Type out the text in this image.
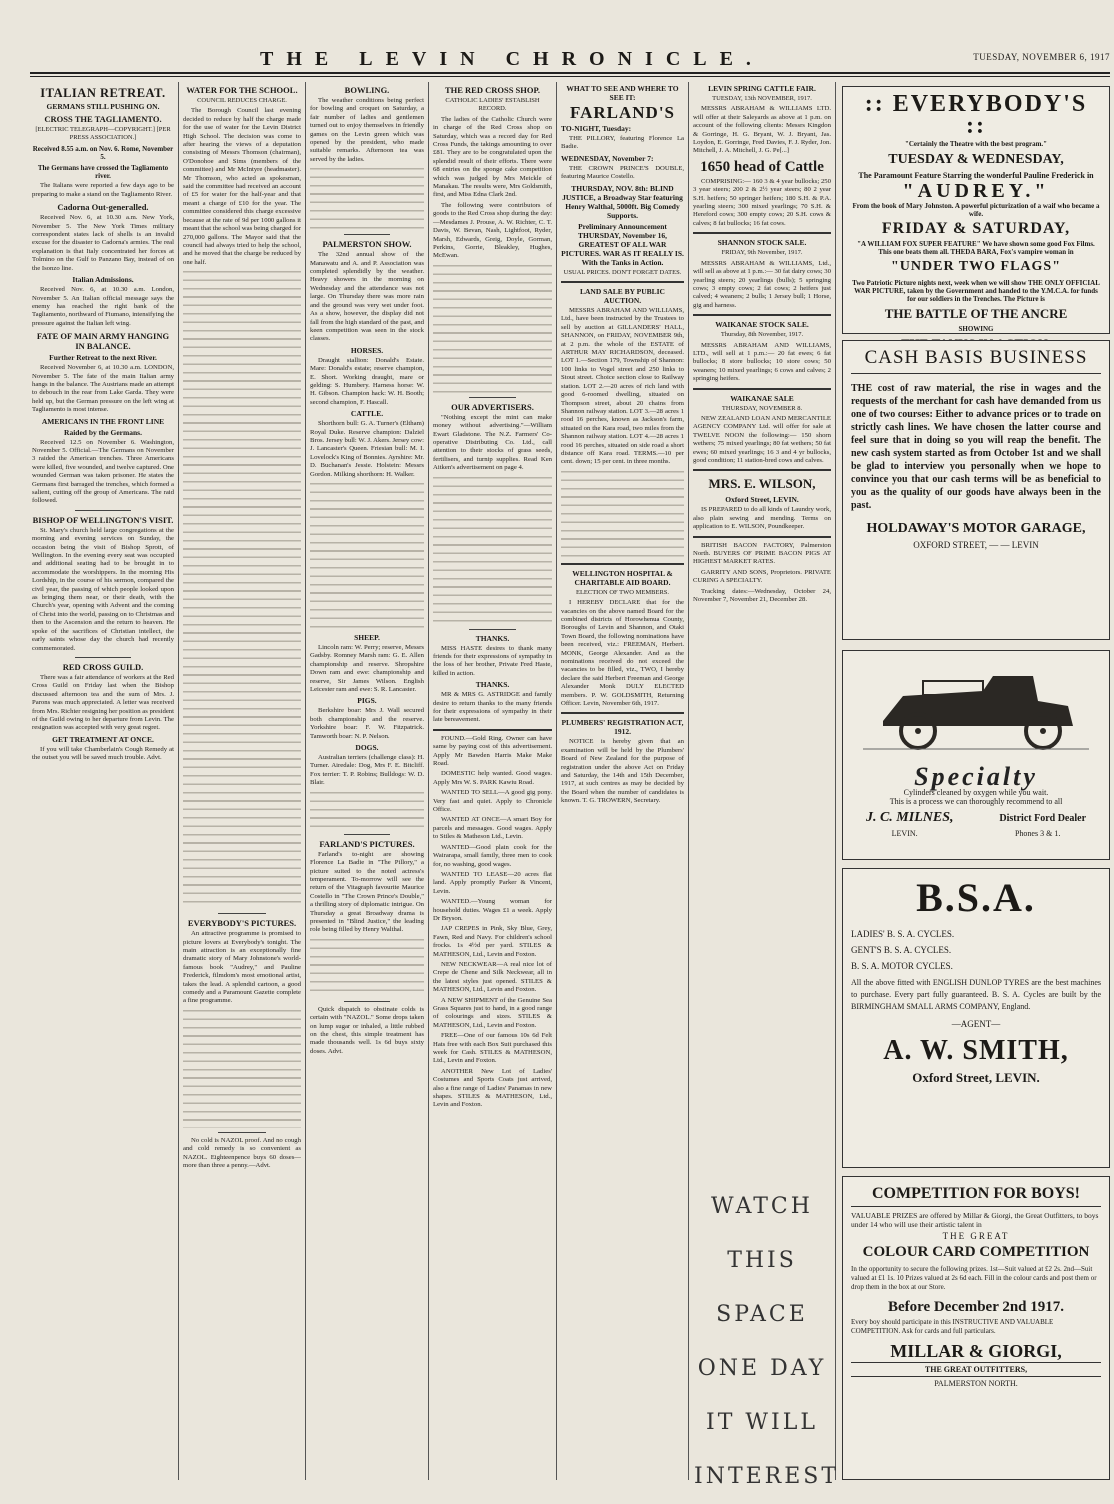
THE LEVIN CHRONICLE.	TUESDAY, NOVEMBER 6, 1917
ITALIAN RETREAT.
GERMANS STILL PUSHING ON.
CROSS THE TAGLIAMENTO.
[ELECTRIC TELEGRAPH—COPYRIGHT.] [PER PRESS ASSOCIATION.]
Received 8.55 a.m. on Nov. 6. Rome, November 5.
The Germans have crossed the Tagliamento river.

The Italians were reported a few days ago to be preparing to make a stand on the Tagliamento River.

Cadorna Out-generalled.

Received Nov. 6, at 10.30 a.m. New York, November 5. The New York Times military correspondent states lack of shells is an invalid excuse for the disaster to Cadorna's armies. The real explanation is that Italy concentrated her forces at Tolmino on the Gulf to Panzano Bay, instead of on the Isonzo line.

Italian Admissions.

Received Nov. 6, at 10.30 a.m. London, November 5. An Italian official message says the enemy has reached the right bank of the Tagliamento, northward of Fiumano, intensifying the pressure against the Italian left wing.

FATE OF MAIN ARMY HANGING IN BALANCE.
Further Retreat to the next River.

Received November 6, at 10.30 a.m. LONDON, November 5. The fate of the main Italian army hangs in the balance. The Austrians made an attempt to debouch in the rear from Lake Garda. They were held up, but the German pressure on the left wing at Tagliamento is most intense.

AMERICANS IN THE FRONT LINE
Raided by the Germans.

Received 12.5 on November 6. Washington, November 5. Official.—The Germans on November 3 raided the American trenches. Three Americans were killed, five wounded, and twelve captured. One wounded German was taken prisoner. He states the Germans first barraged the trenches, which formed a salient, cutting off the group of Americans. The raid followed.

BISHOP OF WELLINGTON'S VISIT.

St. Mary's church held large congregations at the morning and evening services on Sunday, the occasion being the visit of Bishop Sprott, of Wellington. In the evening every seat was occupied and additional seating had to be brought in to accommodate the worshippers. In the morning His Lordship, in the course of his sermon, compared the civil year, the passing of which people looked upon as bringing them near, or their death, with the Church's year, opening with Advent and the coming of Christ into the world, passing on to Christmas and then to the Ascension and the return to heaven. He spoke of the sacrifices of Christian intellect, the early saints whose day the church had recently commemorated.

RED CROSS GUILD.

There was a fair attendance of workers at the Red Cross Guild on Friday last when the Bishop discussed afternoon tea and the sum of Mrs. J. Parons was much appreciated. A letter was received from Mrs. Richter resigning her position as president of the Guild owing to her departure from Levin. The resignation was accepted with very great regret.

GET TREATMENT AT ONCE.

If you will take Chamberlain's Cough Remedy at the outset you will be saved much trouble. Advt.

WATER FOR THE SCHOOL.
COUNCIL REDUCES CHARGE.

The Borough Council last evening decided to reduce by half the charge made for the use of water for the Levin District High School. The decision was come to after hearing the views of a deputation consisting of Messrs Thomson (chairman), O'Donohoe and Sims (members of the committee) and Mr McIntyre (headmaster). Mr Thomson, who acted as spokesman, said the committee had received an account of £5 for water for the half-year and that meant a charge of £10 for the year. The committee considered this charge excessive because at the rate of 9d per 1000 gallons it meant that the school was being charged for 270,000 gallons. The Mayor said that the council had always tried to help the school, and he moved that the charge be reduced by one half.

EVERYBODY'S PICTURES.

An attractive programme is promised to picture lovers at Everybody's tonight. The main attraction is an exceptionally fine dramatic story of Mary Johnstone's world-famous book "Audrey," and Pauline Frederick, filmdom's most emotional artist, takes the lead. A splendid cartoon, a good comedy and a Paramount Gazette complete a fine programme.

No cold is NAZOL proof. And no cough and cold remedy is so convenient as NAZOL. Eighteenpence buys 60 doses—more than three a penny.—Advt.

BOWLING.

The weather conditions being perfect for bowling and croquet on Saturday, a fair number of ladies and gentlemen turned out to enjoy themselves in friendly games on the Levin green which was opened by the president, who made suitable remarks. Afternoon tea was served by the ladies.

PALMERSTON SHOW.

The 32nd annual show of the Manawatu and A. and P. Association was completed splendidly by the weather. Heavy showers in the morning on Wednesday and the attendance was not large. On Thursday there was more rain and the ground was very wet under foot. As a show, however, the display did not fall from the high standard of the past, and keen competition was seen in the stock classes.

HORSES.

Draught stallion: Donald's Estate. Mare: Donald's estate; reserve champion, E. Short. Working draught, mare or gelding: S. Humbery. Harness horse: W. H. Gibson. Champion hack: W. H. Booth; second champion, F. Hascall.

CATTLE.

Shorthorn bull: G. A. Turner's (Eltham) Royal Duke. Reserve champion: Dalziel Bros. Jersey bull: W. J. Akers. Jersey cow: J. Lancaster's Queen. Friesian bull: M. I. Lovelock's King of Bonnies. Ayrshire: Mr. D. Buchanan's Jessie. Holstein: Messrs Gordon. Milking shorthorn: H. Walker.

SHEEP.

Lincoln ram: W. Perry; reserve, Messrs Gadsby. Romney Marsh ram: G. E. Allen championship and reserve. Shropshire Down ram and ewe: championship and reserve, Sir James Wilson. English Leicester ram and ewe: S. R. Lancaster.

PIGS.

Berkshire boar: Mrs J. Wall secured both championship and the reserve. Yorkshire boar: F. W. Fitzpatrick. Tamworth boar: N. P. Nelson.

DOGS.

Australian terriers (challenge class): H. Turner. Airedale: Dog, Mrs F. E. Bitcliff. Fox terrier: T. P. Robins; Bulldogs: W. D. Blair.

FARLAND'S PICTURES.

Farland's to-night are showing Florence La Badie in "The Pillory," a picture suited to the noted actress's temperament. To-morrow will see the return of the Vitagraph favourite Maurice Costello in "The Crown Prince's Double," a thrilling story of diplomatic intrigue. On Thursday a great Broadway drama is presented in "Blind Justice," the leading role being filled by Henry Walthal.

Quick dispatch to obstinate colds is certain with "NAZOL." Some drops taken on lump sugar or inhaled, a little rubbed on the chest, this simple treatment has made thousands well. 1s 6d buys sixty doses. Advt.

THE RED CROSS SHOP.
CATHOLIC LADIES' ESTABLISH RECORD.

The ladies of the Catholic Church were in charge of the Red Cross shop on Saturday, which was a record day for Red Cross Funds, the takings amounting to over £81. They are to be congratulated upon the splendid result of their efforts. There were 68 entries on the sponge cake competition which was judged by Mrs Meickle of Manakau. The results were, Mrs Goldsmith, first, and Miss Edna Clark 2nd.

The following were contributors of goods to the Red Cross shop during the day:—Mesdames J. Prouse, A. W. Richter, C. T. Davis, W. Bevan, Nash, Lightfoot, Ryder, Marsh, Edwards, Greig, Doyle, Gorman, Perkins, Gorrie, Bleakley, Hughes, McEwan.

OUR ADVERTISERS.

"Nothing except the mint can make money without advertising."—William Ewart Gladstone. The N.Z. Farmers' Co-operative Distributing Co. Ltd., call attention to their stocks of grass seeds, fertilisers, and turnip supplies. Read Ken Aitken's advertisement on page 4.

THANKS.

MISS HASTE desires to thank many friends for their expressions of sympathy in the loss of her brother, Private Fred Haste, killed in action.

THANKS.

MR & MRS G. ASTRIDGE and family desire to return thanks to the many friends for their expressions of sympathy in their late bereavement.

FOUND.—Gold Ring. Owner can have same by paying cost of this advertisement. Apply Mr Bawden Harris Make Make Road.

DOMESTIC help wanted. Good wages. Apply Mrs W. S. PARK Kawiu Road.

WANTED TO SELL—A good gig pony. Very fast and quiet. Apply to Chronicle Office.

WANTED AT ONCE—A smart Boy for parcels and messages. Good wages. Apply to Stiles & Matheson Ltd., Levin.

WANTED—Good plain cook for the Wairarapa, small family, three men to cook for, no washing, good wages.

WANTED TO LEASE—20 acres flat land. Apply promptly Parker & Vincent, Levin.

WANTED.—Young woman for household duties. Wages £1 a week. Apply Dr Bryson.

JAP CREPES in Pink, Sky Blue, Grey, Fawn, Red and Navy. For children's school frocks. 1s 4½d per yard. STILES & MATHESON, Ltd., Levin and Foxton.

NEW NECKWEAR—A real nice lot of Crepe de Chene and Silk Neckwear, all in the latest styles just opened. STILES & MATHESON, Ltd., Levin and Foxton.

A NEW SHIPMENT of the Genuine Sea Grass Squares just to hand, in a good range of colourings and sizes. STILES & MATHESON, Ltd., Levin and Foxton.

FREE—One of our famous 10s 6d Felt Hats free with each Box Suit purchased this week for Cash. STILES & MATHESON, Ltd., Levin and Foxton.

ANOTHER New Lot of Ladies' Costumes and Sports Coats just arrived, also a fine range of Ladies' Panamas in new shapes. STILES & MATHESON, Ltd., Levin and Foxton.

WHAT TO SEE AND WHERE TO SEE IT:
FARLAND'S
TO-NIGHT, Tuesday:

THE PILLORY, featuring Florence La Badie.

WEDNESDAY, November 7:

THE CROWN PRINCE'S DOUBLE, featuring Maurice Costello.

THURSDAY, NOV. 8th: BLIND JUSTICE, a Broadway Star featuring Henry Walthal, 5000ft. Big Comedy Supports.
Preliminary Announcement THURSDAY, November 16, GREATEST OF ALL WAR PICTURES. WAR AS IT REALLY IS. With the Tanks in Action.
USUAL PRICES. DON'T FORGET DATES.
LAND SALE BY PUBLIC AUCTION.

MESSRS ABRAHAM AND WILLIAMS, Ltd., have been instructed by the Trustees to sell by auction at GILLANDERS' HALL, SHANNON, on FRIDAY, NOVEMBER 9th, at 2 p.m. the whole of the ESTATE of ARTHUR MAY RICHARDSON, deceased. LOT 1.—Section 179, Township of Shannon: 100 links to Vogel street and 250 links to Stout street. Choice section close to Railway station. LOT 2.—20 acres of rich land with good 6-roomed dwelling, situated on Thompson street, about 20 chains from Shannon railway station. LOT 3.—28 acres 1 rood 16 perches, known as Jackson's farm, situated on the Kara road, two miles from the Shannon railway station. LOT 4.—28 acres 1 rood 16 perches, situated on side road a short distance off Kara road. TERMS.—10 per cent. down; 15 per cent. in three months.

WELLINGTON HOSPITAL & CHARITABLE AID BOARD.
ELECTION OF TWO MEMBERS.

I HEREBY DECLARE that for the vacancies on the above named Board for the combined districts of Horowhenua County, Boroughs of Levin and Shannon, and Otaki Town Board, the following nominations have been received, viz.: FREEMAN, Herbert. MONK, George Alexander. And as the nominations received do not exceed the vacancies to be filled, viz., TWO, I hereby declare the said Herbert Freeman and George Alexander Monk DULY ELECTED members. P. W. GOLDSMITH, Returning Officer. Levin, November 6th, 1917.

PLUMBERS' REGISTRATION ACT, 1912.

NOTICE is hereby given that an examination will be held by the Plumbers' Board of New Zealand for the purpose of registration under the above Act on Friday and Saturday, the 14th and 15th December, 1917, at such centres as may be decided by the Board when the number of candidates is known. T. G. TROWERN, Secretary.

LEVIN SPRING CATTLE FAIR.
TUESDAY, 13th NOVEMBER, 1917.

MESSRS ABRAHAM & WILLIAMS LTD. will offer at their Saleyards as above at 1 p.m. on account of the following clients: Messrs Kingdon & Gorringe, H. G. Bryant, W. J. Bryant, Jas. Loydon, E. Gorringe, Fred Davies, F. J. Ryder, Jon. Mitchell, J. A. Mitchell, J. G. Pe[...]

1650 head of Cattle

COMPRISING:— 160 3 & 4 year bullocks; 250 3 year steers; 200 2 & 2½ year steers; 80 2 year S.H. heifers; 50 springer heifers; 180 S.H. & P.A. yearling steers; 300 mixed yearlings; 70 S.H. & Hereford cows; 300 empty cows; 20 S.H. cows & calves; 8 fat bullocks; 16 fat cows.

SHANNON STOCK SALE.
FRIDAY, 9th November, 1917.

MESSRS ABRAHAM & WILLIAMS, Ltd., will sell as above at 1 p.m.:— 30 fat dairy cows; 30 yearling steers; 20 yearlings (bulls); 5 springing cows; 3 empty cows; 2 fat cows; 2 heifers just calved; 4 weaners; 2 bulls; 1 Jersey bull; 1 Horse, gig and harness.

WAIKANAE STOCK SALE.
Thursday, 8th November, 1917.

MESSRS ABRAHAM AND WILLIAMS, LTD., will sell at 1 p.m.:— 20 fat ewes; 6 fat bullocks; 8 store bullocks; 10 store cows; 50 weaners; 10 mixed yearlings; 6 cows and calves; 2 springing heifers.

WAIKANAE SALE
THURSDAY, NOVEMBER 8.

NEW ZEALAND LOAN AND MERCANTILE AGENCY COMPANY Ltd. will offer for sale at TWELVE NOON the following:— 150 shorn wethers; 75 mixed yearlings; 80 fat wethers; 50 fat ewes; 60 mixed yearlings; 16 3 and 4 yr bullocks, good condition; 11 station-bred cows and calves.

MRS. E. WILSON,
Oxford Street, LEVIN.

IS PREPARED to do all kinds of Laundry work, also plain sewing and mending. Terms on application to E. WILSON, Poundkeeper.

BRITISH BACON FACTORY, Palmerston North. BUYERS OF PRIME BACON PIGS AT HIGHEST MARKET RATES.

GARRITY AND SONS, Proprietors. PRIVATE CURING A SPECIALTY.

Tracking dates:—Wednesday, October 24, November 7, November 21, December 28.

WATCH
THIS SPACE
ONE DAY
IT WILL
INTEREST
:: EVERYBODY'S ::
"Certainly the Theatre with the best program."
TUESDAY & WEDNESDAY,
The Paramount Feature Starring the wonderful Pauline Frederick in
"AUDREY."
From the book of Mary Johnston. A powerful picturization of a waif who became a wife.
FRIDAY & SATURDAY,
"A WILLIAM FOX SUPER FEATURE" We have shown some good Fox Films. This one beats them all. THEDA BARA, Fox's vampire woman in
"UNDER TWO FLAGS"
Two Patriotic Picture nights next, week when we will show THE ONLY OFFICIAL WAR PICTURE, taken by the Government and handed to the Y.M.C.A. for funds for our soldiers in the Trenches. The Picture is
THE BATTLE OF THE ANCRE
SHOWING
CASH BASIS BUSINESS

THE cost of raw material, the rise in wages and the requests of the merchant for cash have demanded from us one of two courses: Either to advance prices or to trade on strictly cash lines. We have chosen the latter course and feel sure that in doing so you will reap the benefit. The new cash system started as from October 1st and we shall be glad to interview you personally when we hope to convince you that our cash terms will be as beneficial to you as the quality of our goods have always been in the past.

HOLDAWAY'S MOTOR GARAGE,
OXFORD STREET, — — LEVIN
Specialty
Cylinders cleaned by oxygen while you wait.
This is a process we can thoroughly recommend to all
J. C. MILNES,	District Ford Dealer
LEVIN.	Phones 3 & 1.
B.S.A.
LADIES' B. S. A. CYCLES.
GENT'S B. S. A. CYCLES.
B. S. A. MOTOR CYCLES.

All the above fitted with ENGLISH DUNLOP TYRES are the best machines to purchase. Every part fully guaranteed. B. S. A. Cycles are built by the BIRMINGHAM SMALL ARMS COMPANY, England.

—AGENT—
A. W. SMITH,
Oxford Street, LEVIN.
COMPETITION FOR BOYS!

VALUABLE PRIZES are offered by Millar & Giorgi, the Great Outfitters, to boys under 14 who will use their artistic talent in

THE GREAT
COLOUR CARD COMPETITION

In the opportunity to secure the following prizes. 1st—Suit valued at £2 2s. 2nd—Suit valued at £1 1s. 10 Prizes valued at 2s 6d each. Fill in the colour cards and post them or drop them in the box at our Store.

Before December 2nd 1917.

Every boy should participate in this INSTRUCTIVE AND VALUABLE COMPETITION. Ask for cards and full particulars.

MILLAR & GIORGI,
THE GREAT OUTFITTERS,
PALMERSTON NORTH.
